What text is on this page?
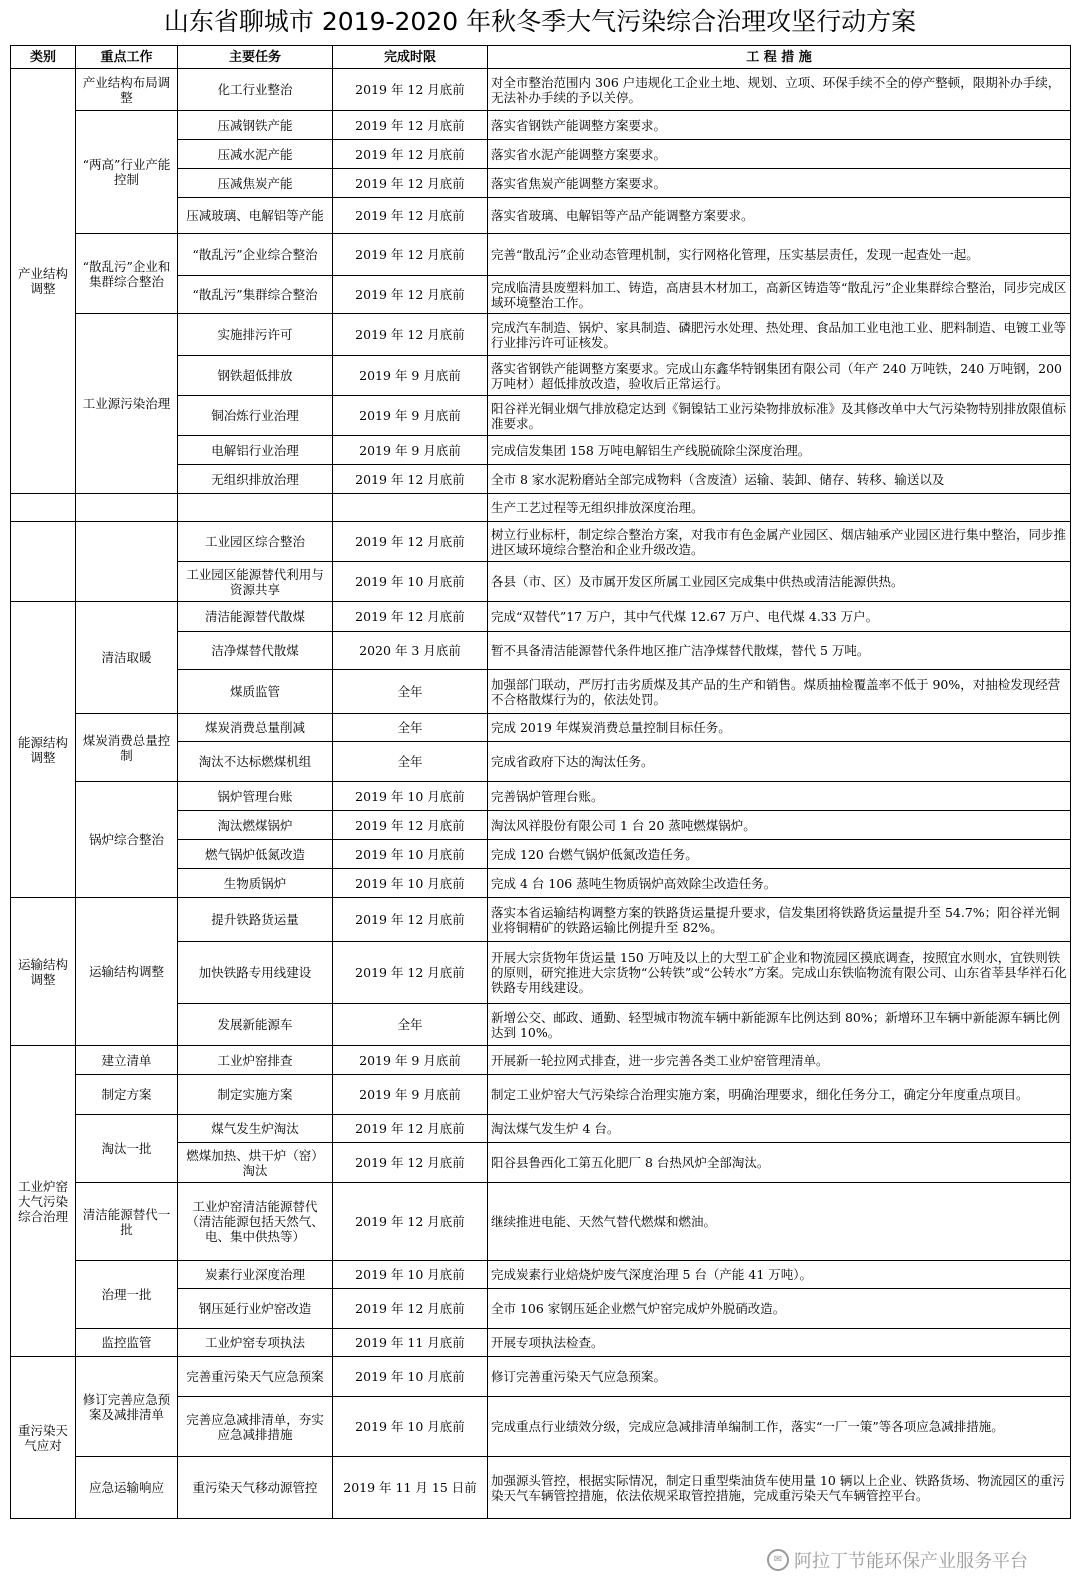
山东省聊城市 2019-2020 年秋冬季大气污染综合治理攻坚行动方案
类别	重点工作	主要任务	完成时限	工 程 措 施
产业结构调整	产业结构布局调整	化工行业整治	2019 年 12 月底前	对全市整治范围内 306 户违规化工企业土地、规划、立项、环保手续不全的停产整顿，限期补办手续，无法补办手续的予以关停。
	“两高”行业产能控制	压减钢铁产能	2019 年 12 月底前	落实省钢铁产能调整方案要求。
		压减水泥产能	2019 年 12 月底前	落实省水泥产能调整方案要求。
		压减焦炭产能	2019 年 12 月底前	落实省焦炭产能调整方案要求。
		压减玻璃、电解铝等产能	2019 年 12 月底前	落实省玻璃、电解铝等产品产能调整方案要求。
	“散乱污”企业和集群综合整治	“散乱污”企业综合整治	2019 年 12 月底前	完善“散乱污”企业动态管理机制，实行网格化管理，压实基层责任，发现一起查处一起。
		“散乱污”集群综合整治	2019 年 12 月底前	完成临清县废塑料加工、铸造，高唐县木材加工，高新区铸造等“散乱污”企业集群综合整治，同步完成区域环境整治工作。
	工业源污染治理	实施排污许可	2019 年 12 月底前	完成汽车制造、锅炉、家具制造、磷肥污水处理、热处理、食品加工业电池工业、肥料制造、电镀工业等行业排污许可证核发。
		钢铁超低排放	2019 年 9 月底前	落实省钢铁产能调整方案要求。完成山东鑫华特钢集团有限公司（年产 240 万吨铁，240 万吨钢，200 万吨材）超低排放改造，验收后正常运行。
		铜冶炼行业治理	2019 年 9 月底前	阳谷祥光铜业烟气排放稳定达到《铜镍钴工业污染物排放标准》及其修改单中大气污染物特别排放限值标准要求。
		电解铝行业治理	2019 年 9 月底前	完成信发集团 158 万吨电解铝生产线脱硫除尘深度治理。
		无组织排放治理	2019 年 12 月底前	全市 8 家水泥粉磨站全部完成物料（含废渣）运输、装卸、储存、转移、输送以及
				生产工艺过程等无组织排放深度治理。
		工业园区综合整治	2019 年 12 月底前	树立行业标杆，制定综合整治方案，对我市有色金属产业园区、烟店轴承产业园区进行集中整治，同步推进区域环境综合整治和企业升级改造。
		工业园区能源替代利用与资源共享	2019 年 10 月底前	各县（市、区）及市属开发区所属工业园区完成集中供热或清洁能源供热。
能源结构调整	清洁取暖	清洁能源替代散煤	2019 年 12 月底前	完成“双替代”17 万户，其中气代煤 12.67 万户、电代煤 4.33 万户。
		洁净煤替代散煤	2020 年 3 月底前	暂不具备清洁能源替代条件地区推广洁净煤替代散煤，替代 5 万吨。
		煤质监管	全年	加强部门联动，严厉打击劣质煤及其产品的生产和销售。煤质抽检覆盖率不低于 90%，对抽检发现经营不合格散煤行为的，依法处罚。
	煤炭消费总量控制	煤炭消费总量削减	全年	完成 2019 年煤炭消费总量控制目标任务。
		淘汰不达标燃煤机组	全年	完成省政府下达的淘汰任务。
	锅炉综合整治	锅炉管理台账	2019 年 10 月底前	完善锅炉管理台账。
		淘汰燃煤锅炉	2019 年 12 月底前	淘汰风祥股份有限公司 1 台 20 蒸吨燃煤锅炉。
		燃气锅炉低氮改造	2019 年 10 月底前	完成 120 台燃气锅炉低氮改造任务。
		生物质锅炉	2019 年 10 月底前	完成 4 台 106 蒸吨生物质锅炉高效除尘改造任务。
运输结构调整	运输结构调整	提升铁路货运量	2019 年 12 月底前	落实本省运输结构调整方案的铁路货运量提升要求，信发集团将铁路货运量提升至 54.7%；阳谷祥光铜业将铜精矿的铁路运输比例提升至 82%。
		加快铁路专用线建设	2019 年 12 月底前	开展大宗货物年货运量 150 万吨及以上的大型工矿企业和物流园区摸底调查，按照宜水则水，宜铁则铁的原则，研究推进大宗货物“公转铁”或“公转水”方案。完成山东铁临物流有限公司、山东省莘县华祥石化铁路专用线建设。
		发展新能源车	全年	新增公交、邮政、通勤、轻型城市物流车辆中新能源车比例达到 80%；新增环卫车辆中新能源车辆比例达到 10%。
工业炉窑大气污染综合治理	建立清单	工业炉窑排查	2019 年 9 月底前	开展新一轮拉网式排查，进一步完善各类工业炉窑管理清单。
	制定方案	制定实施方案	2019 年 9 月底前	制定工业炉窑大气污染综合治理实施方案，明确治理要求，细化任务分工，确定分年度重点项目。
	淘汰一批	煤气发生炉淘汰	2019 年 12 月底前	淘汰煤气发生炉 4 台。
		燃煤加热、烘干炉（窑）淘汰	2019 年 12 月底前	阳谷县鲁西化工第五化肥厂 8 台热风炉全部淘汰。
	清洁能源替代一批	工业炉窑清洁能源替代（清洁能源包括天然气、电、集中供热等）	2019 年 12 月底前	继续推进电能、天然气替代燃煤和燃油。
	治理一批	炭素行业深度治理	2019 年 10 月底前	完成炭素行业焙烧炉废气深度治理 5 台（产能 41 万吨）。
		钢压延行业炉窑改造	2019 年 12 月底前	全市 106 家钢压延企业燃气炉窑完成炉外脱硝改造。
	监控监管	工业炉窑专项执法	2019 年 11 月底前	开展专项执法检查。
重污染天气应对	修订完善应急预案及减排清单	完善重污染天气应急预案	2019 年 10 月底前	修订完善重污染天气应急预案。
		完善应急减排清单，夯实应急减排措施	2019 年 10 月底前	完成重点行业绩效分级，完成应急减排清单编制工作，落实“一厂一策”等各项应急减排措施。
	应急运输响应	重污染天气移动源管控	2019 年 11 月 15 日前	加强源头管控，根据实际情况，制定日重型柴油货车使用量 10 辆以上企业、铁路货场、物流园区的重污染天气车辆管控措施，依法依规采取管控措施，完成重污染天气车辆管控平台。
✉ 阿拉丁节能环保产业服务平台
